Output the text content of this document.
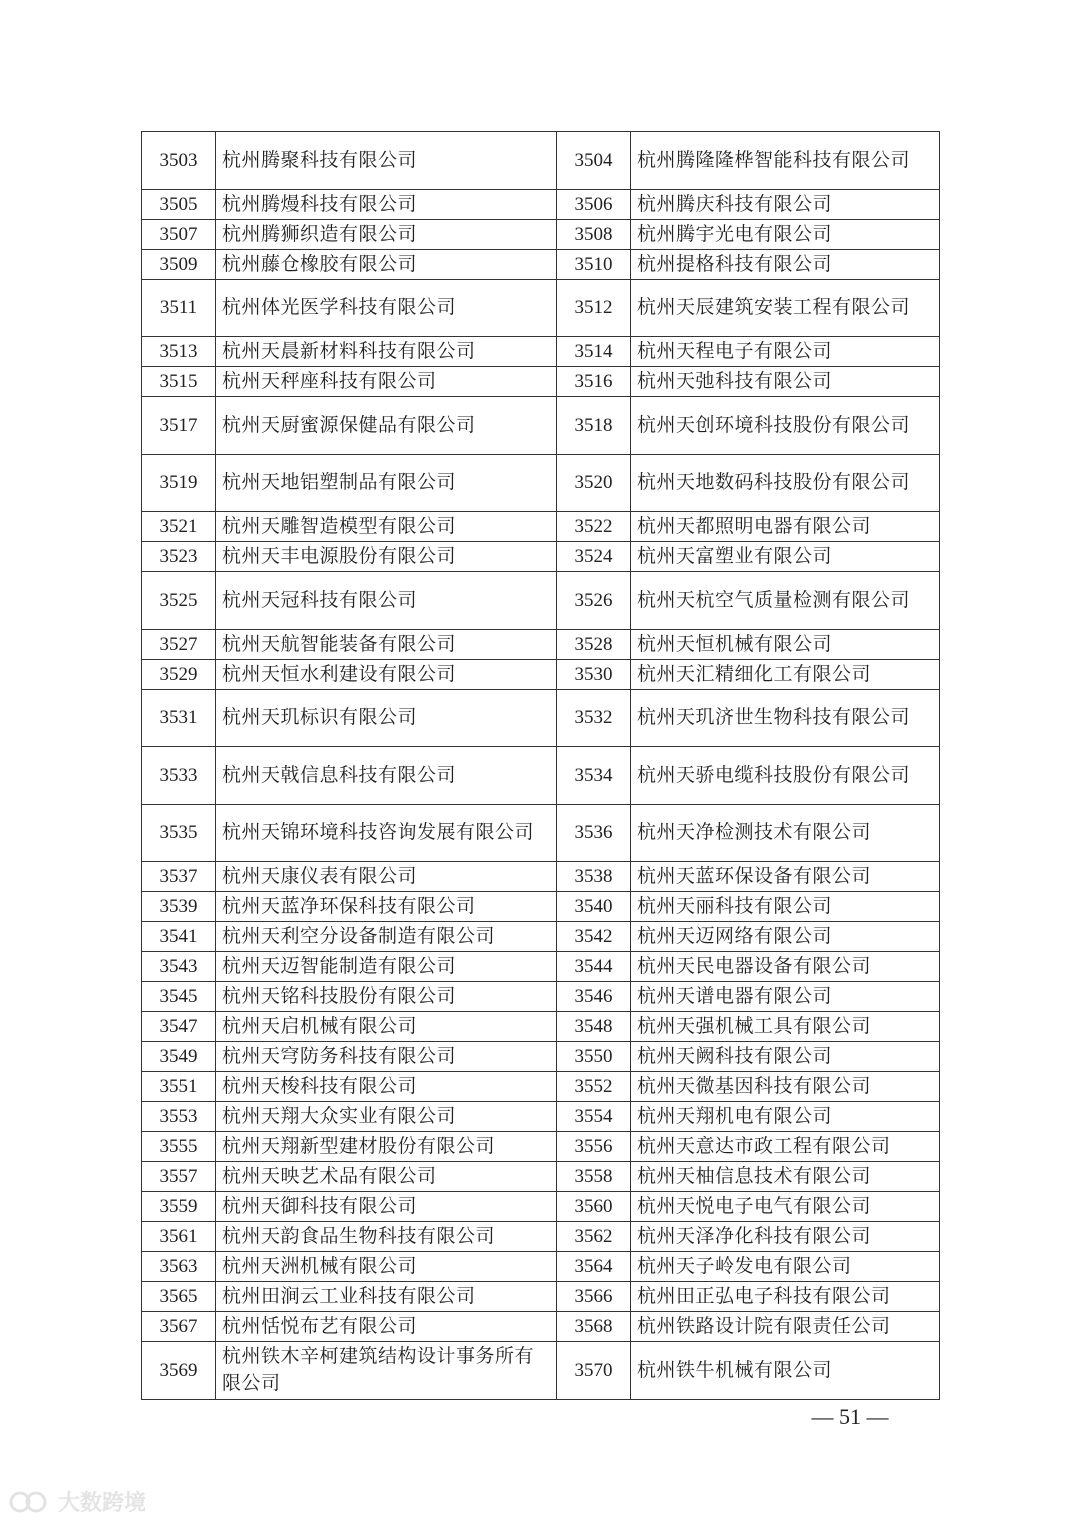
3503	杭州腾聚科技有限公司	3504	杭州腾隆隆桦智能科技有限公司
3505	杭州腾熳科技有限公司	3506	杭州腾庆科技有限公司
3507	杭州腾狮织造有限公司	3508	杭州腾宇光电有限公司
3509	杭州藤仓橡胶有限公司	3510	杭州提格科技有限公司
3511	杭州体光医学科技有限公司	3512	杭州天辰建筑安装工程有限公司
3513	杭州天晨新材料科技有限公司	3514	杭州天程电子有限公司
3515	杭州天秤座科技有限公司	3516	杭州天弛科技有限公司
3517	杭州天厨蜜源保健品有限公司	3518	杭州天创环境科技股份有限公司
3519	杭州天地铝塑制品有限公司	3520	杭州天地数码科技股份有限公司
3521	杭州天雕智造模型有限公司	3522	杭州天都照明电器有限公司
3523	杭州天丰电源股份有限公司	3524	杭州天富塑业有限公司
3525	杭州天冠科技有限公司	3526	杭州天杭空气质量检测有限公司
3527	杭州天航智能装备有限公司	3528	杭州天恒机械有限公司
3529	杭州天恒水利建设有限公司	3530	杭州天汇精细化工有限公司
3531	杭州天玑标识有限公司	3532	杭州天玑济世生物科技有限公司
3533	杭州天戟信息科技有限公司	3534	杭州天骄电缆科技股份有限公司
3535	杭州天锦环境科技咨询发展有限公司	3536	杭州天净检测技术有限公司
3537	杭州天康仪表有限公司	3538	杭州天蓝环保设备有限公司
3539	杭州天蓝净环保科技有限公司	3540	杭州天丽科技有限公司
3541	杭州天利空分设备制造有限公司	3542	杭州天迈网络有限公司
3543	杭州天迈智能制造有限公司	3544	杭州天民电器设备有限公司
3545	杭州天铭科技股份有限公司	3546	杭州天谱电器有限公司
3547	杭州天启机械有限公司	3548	杭州天强机械工具有限公司
3549	杭州天穹防务科技有限公司	3550	杭州天阙科技有限公司
3551	杭州天梭科技有限公司	3552	杭州天微基因科技有限公司
3553	杭州天翔大众实业有限公司	3554	杭州天翔机电有限公司
3555	杭州天翔新型建材股份有限公司	3556	杭州天意达市政工程有限公司
3557	杭州天映艺术品有限公司	3558	杭州天柚信息技术有限公司
3559	杭州天御科技有限公司	3560	杭州天悦电子电气有限公司
3561	杭州天韵食品生物科技有限公司	3562	杭州天泽净化科技有限公司
3563	杭州天洲机械有限公司	3564	杭州天子岭发电有限公司
3565	杭州田涧云工业科技有限公司	3566	杭州田正弘电子科技有限公司
3567	杭州恬悦布艺有限公司	3568	杭州铁路设计院有限责任公司
3569	杭州铁木辛柯建筑结构设计事务所有限公司	3570	杭州铁牛机械有限公司
— 51 —
大数跨境
